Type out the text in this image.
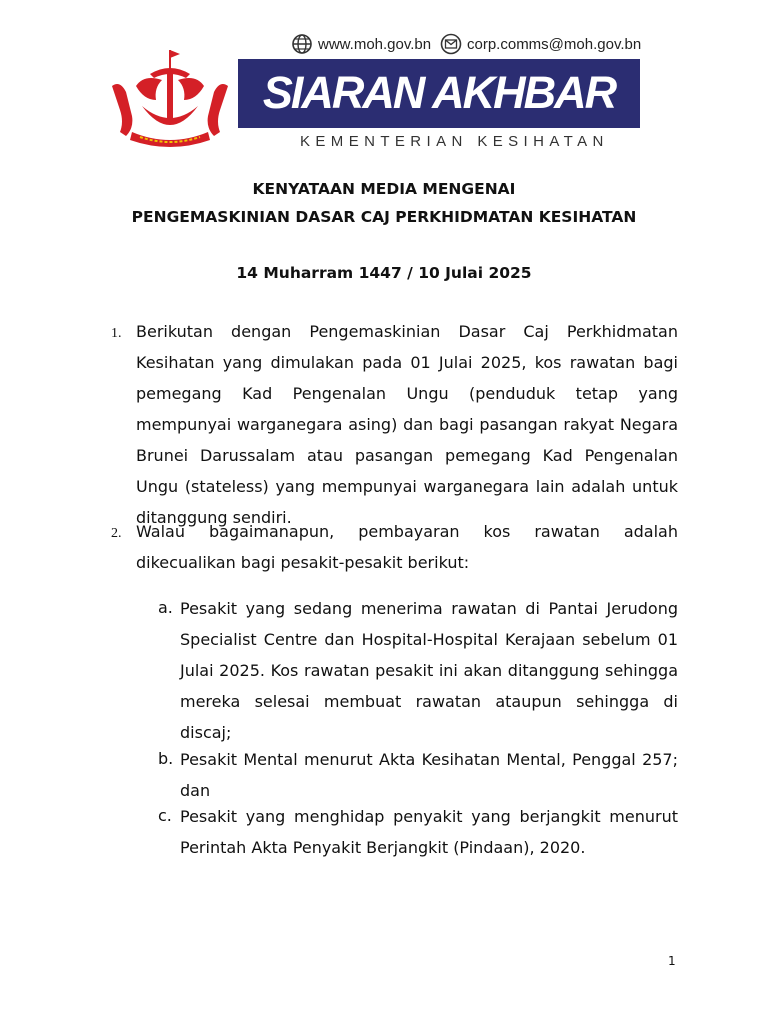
www.moh.gov.bn corp.comms@moh.gov.bn
SIARAN AKHBAR
KEMENTERIAN KESIHATAN
KENYATAAN MEDIA MENGENAI
PENGEMASKINIAN DASAR CAJ PERKHIDMATAN KESIHATAN
14 Muharram 1447 / 10 Julai 2025
1. Berikutan dengan Pengemaskinian Dasar Caj Perkhidmatan Kesihatan yang dimulakan pada 01 Julai 2025, kos rawatan bagi pemegang Kad Pengenalan Ungu (penduduk tetap yang mempunyai warganegara asing) dan bagi pasangan rakyat Negara Brunei Darussalam atau pasangan pemegang Kad Pengenalan Ungu (stateless) yang mempunyai warganegara lain adalah untuk ditanggung sendiri.
2. Walau bagaimanapun, pembayaran kos rawatan adalah dikecualikan bagi pesakit-pesakit berikut:
a. Pesakit yang sedang menerima rawatan di Pantai Jerudong Specialist Centre dan Hospital-Hospital Kerajaan sebelum 01 Julai 2025. Kos rawatan pesakit ini akan ditanggung sehingga mereka selesai membuat rawatan ataupun sehingga di discaj;
b. Pesakit Mental menurut Akta Kesihatan Mental, Penggal 257; dan
c. Pesakit yang menghidap penyakit yang berjangkit menurut Perintah Akta Penyakit Berjangkit (Pindaan), 2020.
1
